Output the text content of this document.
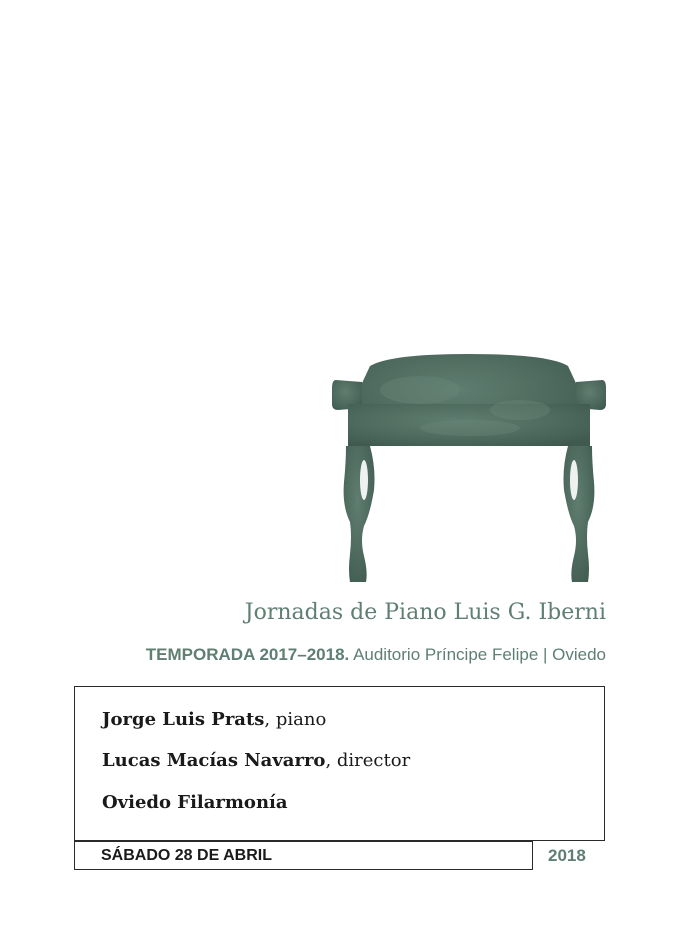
Jornadas de Piano Luis G. Iberni
TEMPORADA 2017–2018. Auditorio Príncipe Felipe | Oviedo
Jorge Luis Prats, piano
Lucas Macías Navarro, director
Oviedo Filarmonía
SÁBADO 28 DE ABRIL	2018
